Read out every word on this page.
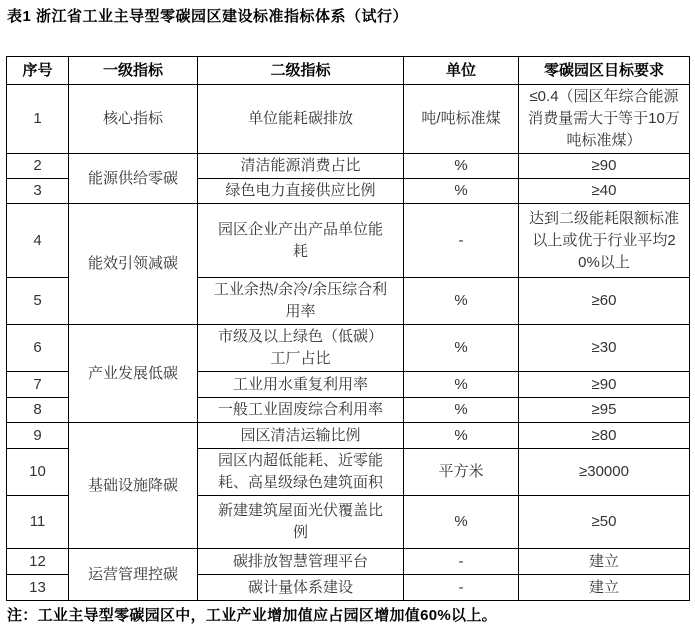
表1 浙江省工业主导型零碳园区建设标准指标体系（试行）
序号	一级指标	二级指标	单位	零碳园区目标要求
1	核心指标	单位能耗碳排放	吨/吨标准煤	≤0.4（园区年综合能源消费量需大于等于10万吨标准煤）
2	能源供给零碳	清洁能源消费占比	%	≥90
3		绿色电力直接供应比例	%	≥40
4	能效引领减碳	园区企业产出产品单位能耗	-	达到二级能耗限额标准以上或优于行业平均20%以上
5		工业余热/余冷/余压综合利用率	%	≥60
6	产业发展低碳	市级及以上绿色（低碳）工厂占比	%	≥30
7		工业用水重复利用率	%	≥90
8		一般工业固废综合利用率	%	≥95
9	基础设施降碳	园区清洁运输比例	%	≥80
10		园区内超低能耗、近零能耗、高星级绿色建筑面积	平方米	≥30000
11		新建建筑屋面光伏覆盖比例	%	≥50
12	运营管理控碳	碳排放智慧管理平台	-	建立
13		碳计量体系建设	-	建立
注：工业主导型零碳园区中，工业产业增加值应占园区增加值60%以上。
